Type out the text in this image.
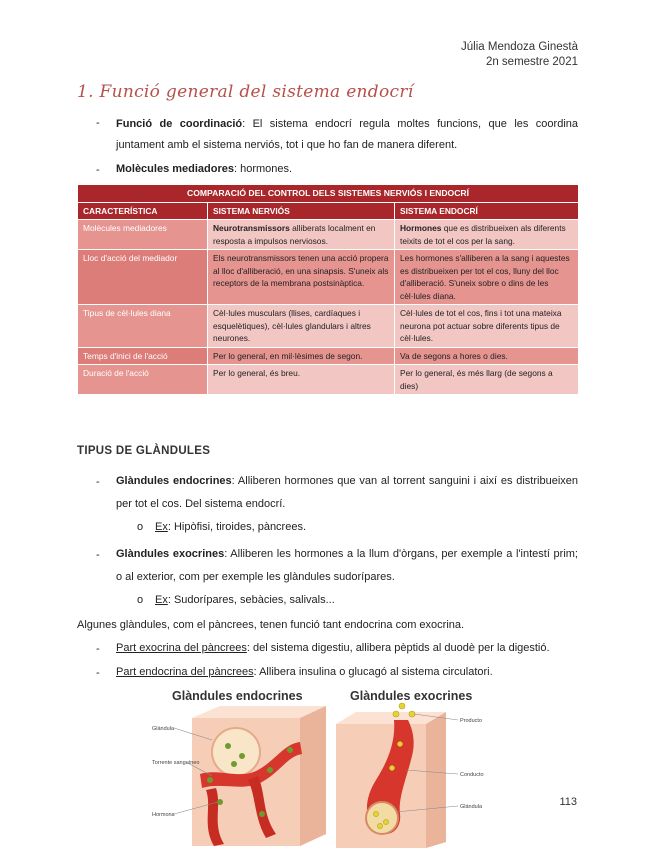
Júlia Mendoza Ginestà
2n semestre 2021
1. Funció general del sistema endocrí
- Funció de coordinació: El sistema endocrí regula moltes funcions, que les coordina juntament amb el sistema nerviós, tot i que ho fan de manera diferent.
- Molècules mediadores: hormones.
COMPARACIÓ DEL CONTROL DELS SISTEMES NERVIÓS I ENDOCRÍ		
CARACTERÍSTICA	SISTEMA NERVIÓS	SISTEMA ENDOCRÍ
Molècules mediadores	Neurotransmissors alliberats localment en resposta a impulsos nerviosos.	Hormones que es distribueixen als diferents teixits de tot el cos per la sang.
Lloc d'acció del mediador	Els neurotransmissors tenen una acció propera al lloc d'alliberació, en una sinapsis. S'uneix als receptors de la membrana postsinàptica.	Les hormones s'alliberen a la sang i aquestes es distribueixen per tot el cos, lluny del lloc d'alliberació. S'uneix sobre o dins de les cèl·lules diana.
Tipus de cèl·lules diana	Cèl·lules musculars (llises, cardíaques i esquelètiques), cèl·lules glandulars i altres neurones.	Cèl·lules de tot el cos, fins i tot una mateixa neurona pot actuar sobre diferents tipus de cèl·lules.
Temps d'inici de l'acció	Per lo general, en mil·lèsimes de segon.	Va de segons a hores o dies.
Duració de l'acció	Per lo general, és breu.	Per lo general, és més llarg (de segons a dies)
TIPUS DE GLÀNDULES
- Glàndules endocrines: Alliberen hormones que van al torrent sanguini i així es distribueixen per tot el cos. Del sistema endocrí.
o Ex: Hipòfisi, tiroides, pàncrees.
- Glàndules exocrines: Alliberen les hormones a la llum d'òrgans, per exemple a l'intestí prim; o al exterior, com per exemple les glàndules sudorípares.
o Ex: Sudorípares, sebàcies, salivals...
Algunes glàndules, com el pàncrees, tenen funció tant endocrina com exocrina.
- Part exocrina del pàncrees: del sistema digestiu, allibera pèptids al duodè per la digestió.
- Part endocrina del pàncrees: Allibera insulina o glucagó al sistema circulatori.
Glàndules endocrines	Glàndules exocrines
Glándula
Torrente sanguíneo
Hormona
Producto
Conducto
Glándula	113
